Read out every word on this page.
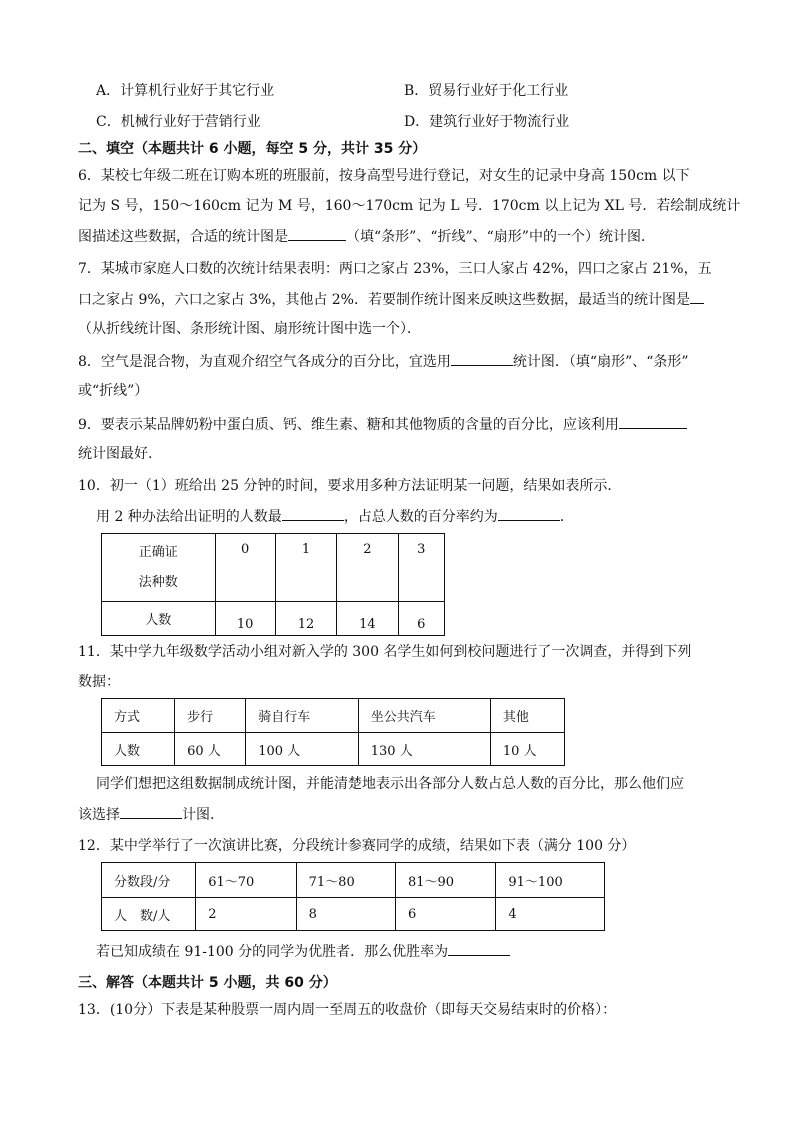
A．计算机行业好于其它行业	B．贸易行业好于化工行业
C．机械行业好于营销行业	D．建筑行业好于物流行业
二、填空（本题共计 6 小题，每空 5 分，共计 35 分）
6．某校七年级二班在订购本班的班服前，按身高型号进行登记，对女生的记录中身高 150cm 以下
记为 S 号，150～160cm 记为 M 号，160～170cm 记为 L 号．170cm 以上记为 XL 号．若绘制成统计
图描述这些数据，合适的统计图是	（填“条形”、“折线”、“扇形”中的一个）统计图．
7．某城市家庭人口数的次统计结果表明：两口之家占 23%，三口人家占 42%，四口之家占 21%，五
口之家占 9%，六口之家占 3%，其他占 2%．若要制作统计图来反映这些数据，最适当的统计图是
（从折线统计图、条形统计图、扇形统计图中选一个）．
8．空气是混合物，为直观介绍空气各成分的百分比，宜选用	统计图．（填“扇形”、“条形”
或“折线”）
9．要表示某品牌奶粉中蛋白质、钙、维生素、糖和其他物质的含量的百分比，应该利用
统计图最好.
10．初一（1）班给出 25 分钟的时间，要求用多种方法证明某一问题，结果如表所示．
用 2 种办法给出证明的人数最	，占总人数的百分率约为	．
正确证
法种数	0	1	2	3
人数	10	12	14	6
11．某中学九年级数学活动小组对新入学的 300 名学生如何到校问题进行了一次调查，并得到下列
数据：
方式	步行	骑自行车	坐公共汽车	其他
人数	60 人	100 人	130 人	10 人
同学们想把这组数据制成统计图，并能清楚地表示出各部分人数占总人数的百分比，那么他们应
该选择	计图.
12．某中学举行了一次演讲比赛，分段统计参赛同学的成绩，结果如下表（满分 100 分）
分数段/分	61～70	71～80	81～90	91～100
人　数/人	2	8	6	4
若已知成绩在 91-100 分的同学为优胜者．那么优胜率为
三、解答（本题共计 5 小题，共 60 分）
13．(10分）下表是某种股票一周内周一至周五的收盘价（即每天交易结束时的价格）：
